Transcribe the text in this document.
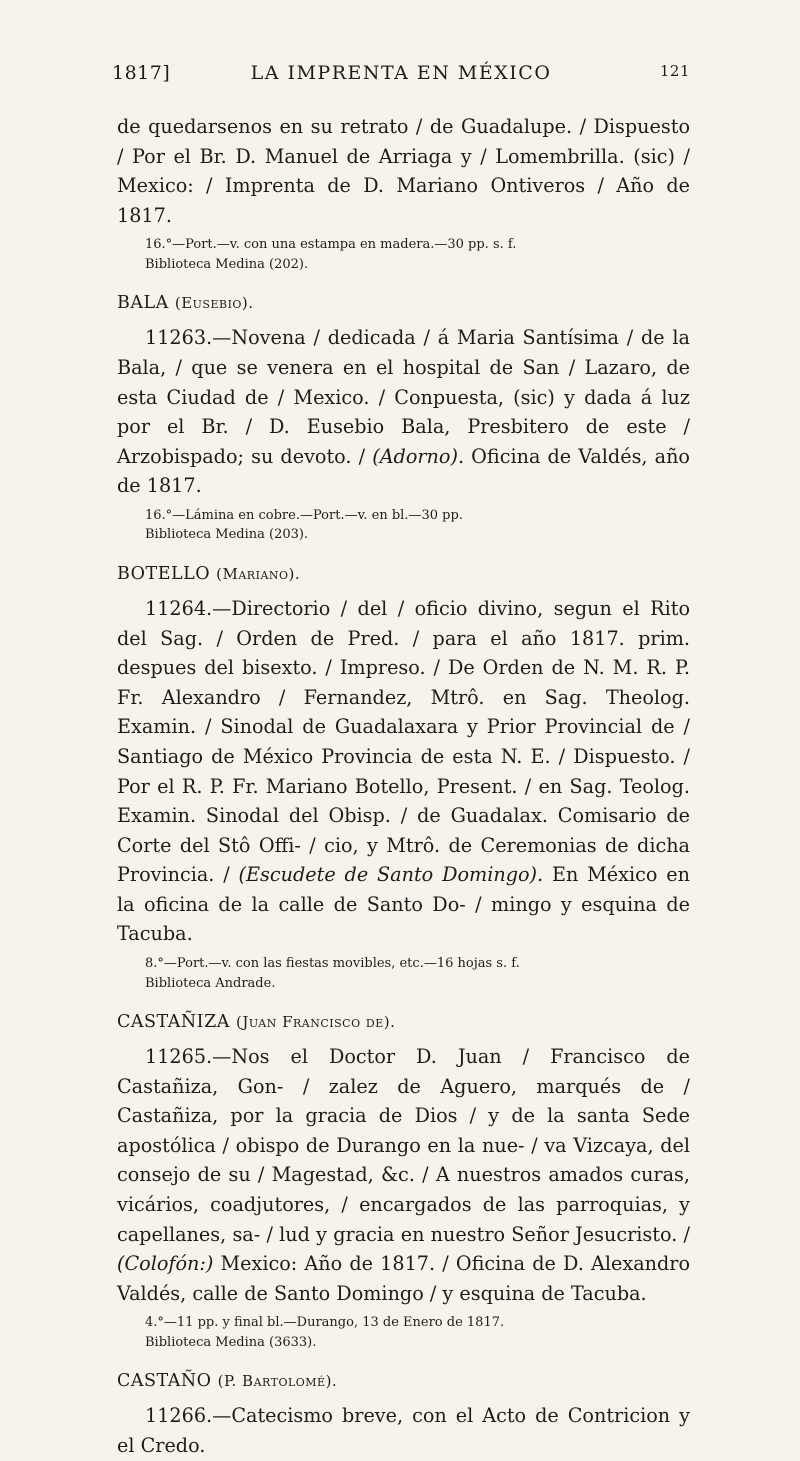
1817]	LA IMPRENTA EN MÉXICO	121

de quedarsenos en su retrato / de Guadalupe. / Dispuesto / Por el Br. D. Manuel de Arriaga y / Lomembrilla. (sic) / Mexico: / Imprenta de D. Mariano Ontiveros / Año de 1817.

16.°—Port.—v. con una estampa en madera.—30 pp. s. f.
Biblioteca Medina (202).

BALA (Eusebio).

11263.—Novena / dedicada / á Maria Santísima / de la Bala, / que se venera en el hospital de San / Lazaro, de esta Ciudad de / Mexico. / Conpuesta, (sic) y dada á luz por el Br. / D. Eusebio Bala, Presbitero de este / Arzobispado; su devoto. / (Adorno). Oficina de Valdés, año de 1817.

16.°—Lámina en cobre.—Port.—v. en bl.—30 pp.
Biblioteca Medina (203).

BOTELLO (Mariano).

11264.—Directorio / del / oficio divino, segun el Rito del Sag. / Orden de Pred. / para el año 1817. prim. despues del bisexto. / Impreso. / De Orden de N. M. R. P. Fr. Alexandro / Fernandez, Mtrô. en Sag. Theolog. Examin. / Sinodal de Guadalaxara y Prior Provincial de / Santiago de México Provincia de esta N. E. / Dispuesto. / Por el R. P. Fr. Mariano Botello, Present. / en Sag. Teolog. Examin. Sinodal del Obisp. / de Guadalax. Comisario de Corte del Stô Offi- / cio, y Mtrô. de Ceremonias de dicha Provincia. / (Escudete de Santo Domingo). En México en la oficina de la calle de Santo Do- / mingo y esquina de Tacuba.

8.°—Port.—v. con las fiestas movibles, etc.—16 hojas s. f.
Biblioteca Andrade.

CASTAÑIZA (Juan Francisco de).

11265.—Nos el Doctor D. Juan / Francisco de Castañiza, Gon- / zalez de Aguero, marqués de / Castañiza, por la gracia de Dios / y de la santa Sede apostólica / obispo de Durango en la nue- / va Vizcaya, del consejo de su / Magestad, &c. / A nuestros amados curas, vicários, coadjutores, / encargados de las parroquias, y capellanes, sa- / lud y gracia en nuestro Señor Jesucristo. / (Colofón:) Mexico: Año de 1817. / Oficina de D. Alexandro Valdés, calle de Santo Domingo / y esquina de Tacuba.

4.°—11 pp. y final bl.—Durango, 13 de Enero de 1817.
Biblioteca Medina (3633).

CASTAÑO (P. Bartolomé).

11266.—Catecismo breve, con el Acto de Contricion y el Credo.
